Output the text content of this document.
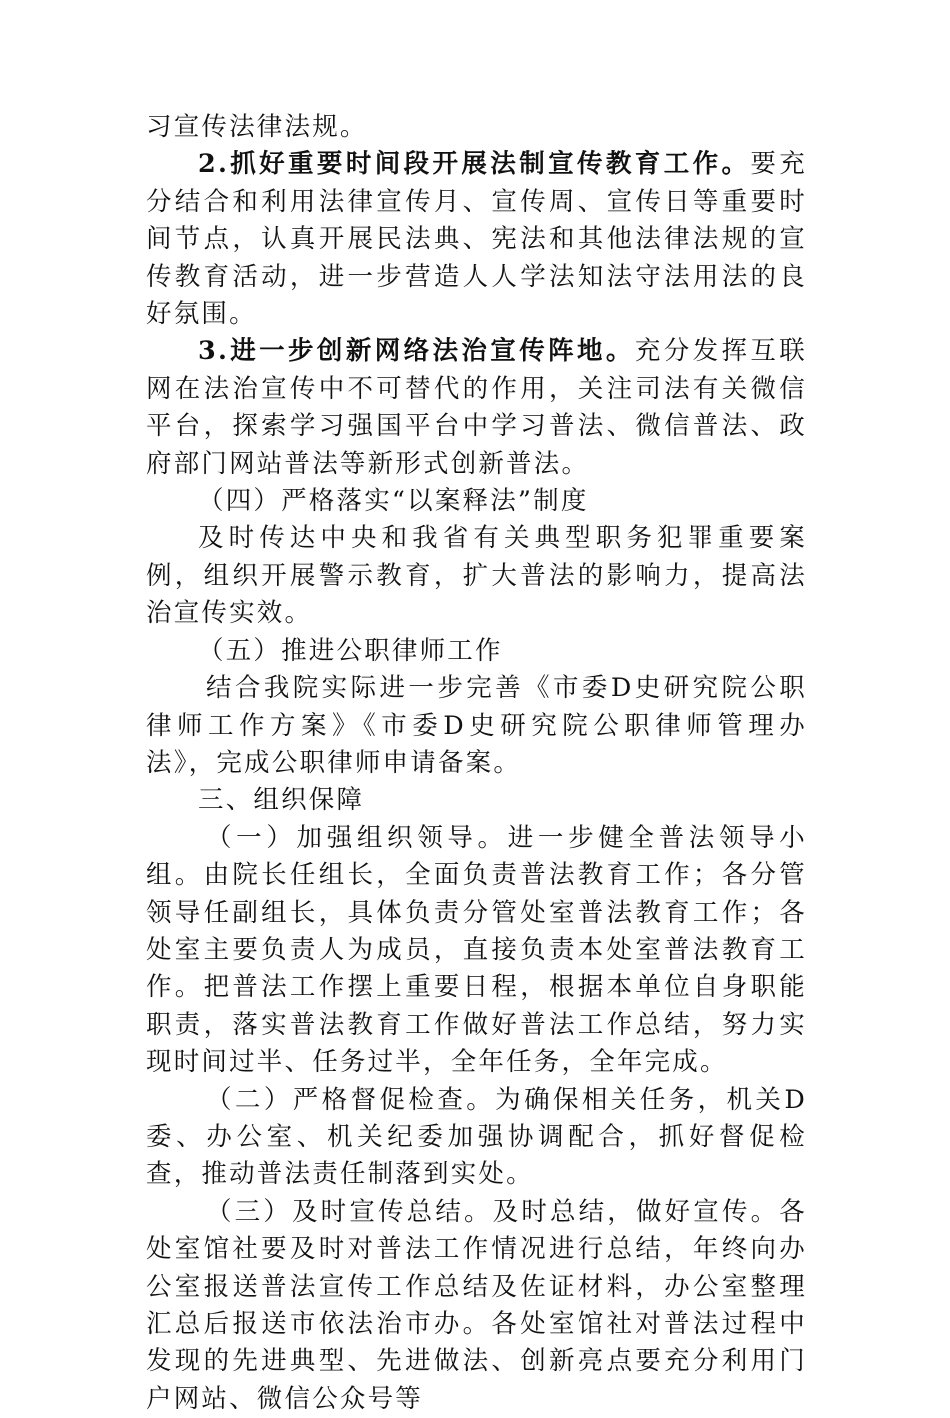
习宣传法律法规。

2.抓好重要时间段开展法制宣传教育工作。要充分结合和利用法律宣传月、宣传周、宣传日等重要时间节点，认真开展民法典、宪法和其他法律法规的宣传教育活动，进一步营造人人学法知法守法用法的良好氛围。

3.进一步创新网络法治宣传阵地。充分发挥互联网在法治宣传中不可替代的作用，关注司法有关微信平台，探索学习强国平台中学习普法、微信普法、政府部门网站普法等新形式创新普法。

（四）严格落实“以案释法”制度

及时传达中央和我省有关典型职务犯罪重要案例，组织开展警示教育，扩大普法的影响力，提高法治宣传实效。

（五）推进公职律师工作

结合我院实际进一步完善《市委D史研究院公职律师工作方案》《市委D史研究院公职律师管理办法》，完成公职律师申请备案。

三、组织保障

（一）加强组织领导。进一步健全普法领导小组。由院长任组长，全面负责普法教育工作；各分管领导任副组长，具体负责分管处室普法教育工作；各处室主要负责人为成员，直接负责本处室普法教育工作。把普法工作摆上重要日程，根据本单位自身职能职责，落实普法教育工作做好普法工作总结，努力实现时间过半、任务过半，全年任务，全年完成。

（二）严格督促检查。为确保相关任务，机关D委、办公室、机关纪委加强协调配合，抓好督促检查，推动普法责任制落到实处。

（三）及时宣传总结。及时总结，做好宣传。各处室馆社要及时对普法工作情况进行总结，年终向办公室报送普法宣传工作总结及佐证材料，办公室整理汇总后报送市依法治市办。各处室馆社对普法过程中发现的先进典型、先进做法、创新亮点要充分利用门户网站、微信公众号等
